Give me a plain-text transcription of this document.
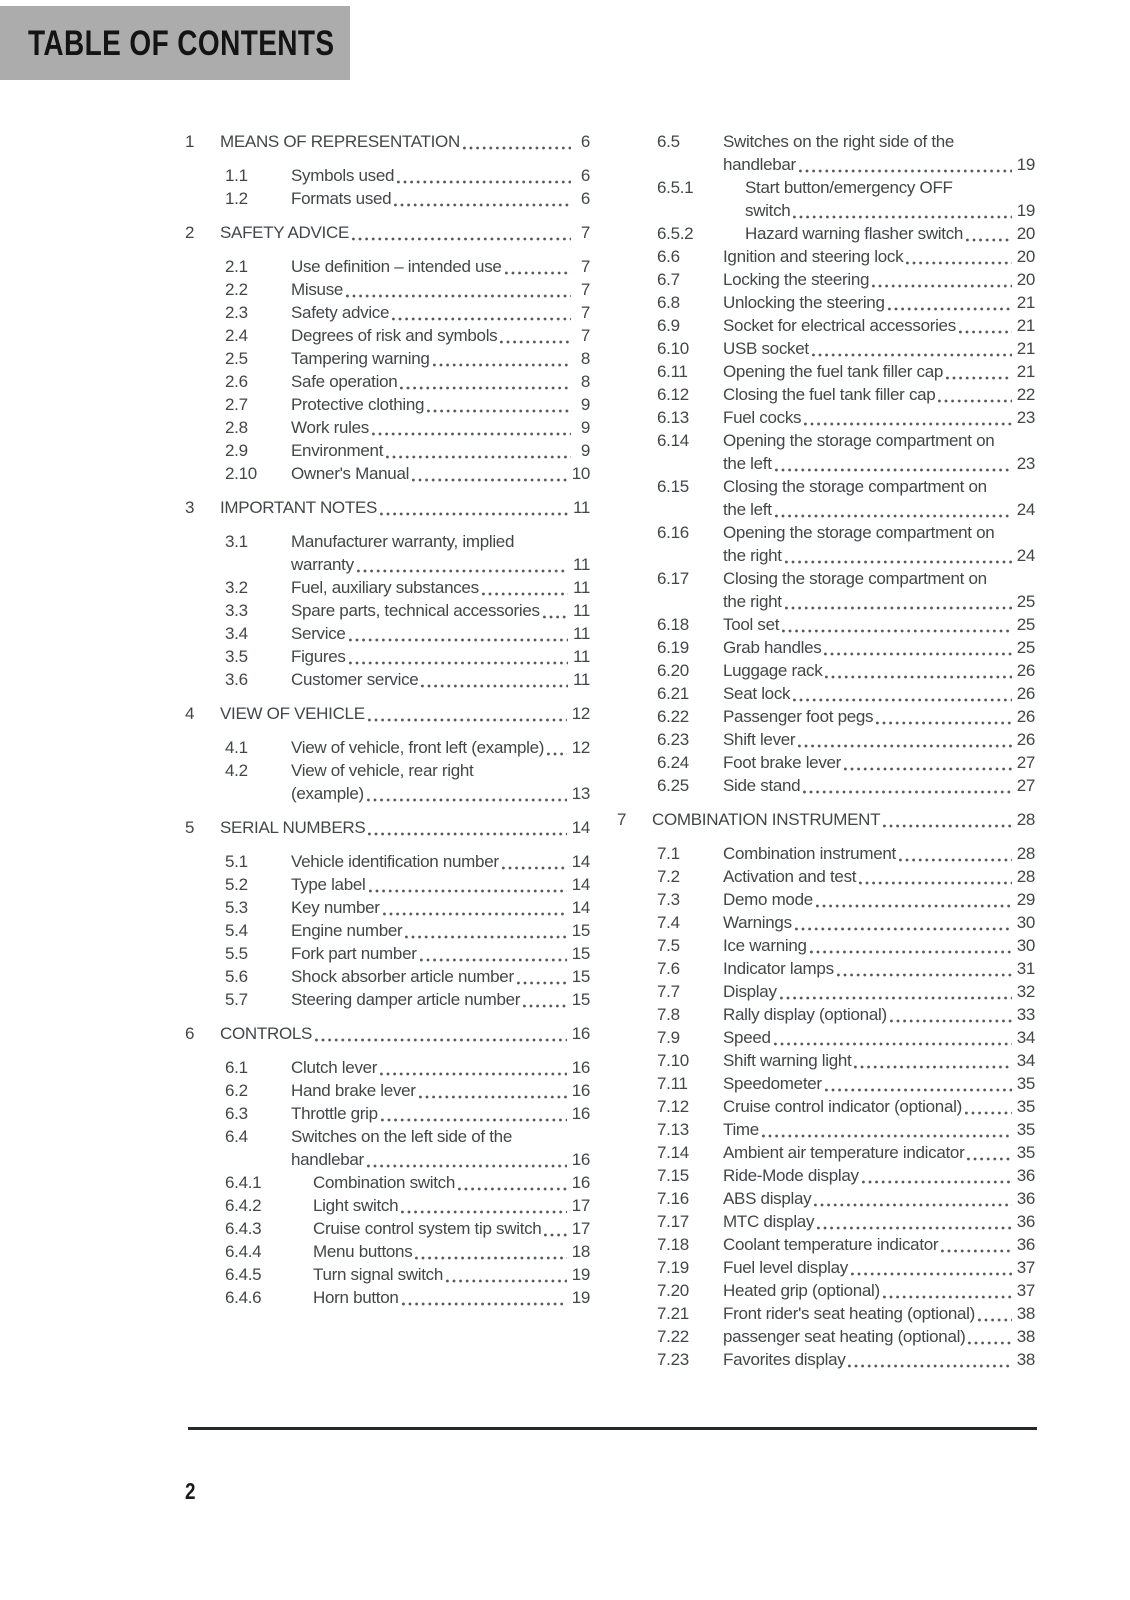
TABLE OF CONTENTS
1	MEANS OF REPRESENTATION	6
1.1	Symbols used	6
1.2	Formats used	6
2	SAFETY ADVICE	7
2.1	Use definition – intended use	7
2.2	Misuse	7
2.3	Safety advice	7
2.4	Degrees of risk and symbols	7
2.5	Tampering warning	8
2.6	Safe operation	8
2.7	Protective clothing	9
2.8	Work rules	9
2.9	Environment	9
2.10	Owner's Manual	10
3	IMPORTANT NOTES	11
3.1	Manufacturer warranty, implied
warranty	11
3.2	Fuel, auxiliary substances	11
3.3	Spare parts, technical accessories 11
3.4	Service	11
3.5	Figures	11
3.6	Customer service	11
4	VIEW OF VEHICLE	12
4.1	View of vehicle, front left (example) 12
4.2	View of vehicle, rear right
(example)	13
5	SERIAL NUMBERS	14
5.1	Vehicle identification number	14
5.2	Type label	14
5.3	Key number	14
5.4	Engine number	15
5.5	Fork part number	15
5.6	Shock absorber article number	15
5.7	Steering damper article number	15
6	CONTROLS	16
6.1	Clutch lever	16
6.2	Hand brake lever	16
6.3	Throttle grip	16
6.4	Switches on the left side of the
handlebar	16
6.4.1	Combination switch	16
6.4.2	Light switch	17
6.4.3	Cruise control system tip switch 17
6.4.4	Menu buttons	18
6.4.5	Turn signal switch	19
6.4.6	Horn button	19
6.5	Switches on the right side of the
handlebar	19
6.5.1	Start button/emergency OFF
switch	19
6.5.2	Hazard warning flasher switch	20
6.6	Ignition and steering lock	20
6.7	Locking the steering	20
6.8	Unlocking the steering	21
6.9	Socket for electrical accessories	21
6.10	USB socket	21
6.11	Opening the fuel tank filler cap	21
6.12	Closing the fuel tank filler cap	22
6.13	Fuel cocks	23
6.14	Opening the storage compartment on
the left	23
6.15	Closing the storage compartment on
the left	24
6.16	Opening the storage compartment on
the right	24
6.17	Closing the storage compartment on
the right	25
6.18	Tool set	25
6.19	Grab handles	25
6.20	Luggage rack	26
6.21	Seat lock	26
6.22	Passenger foot pegs	26
6.23	Shift lever	26
6.24	Foot brake lever	27
6.25	Side stand	27
7	COMBINATION INSTRUMENT	28
7.1	Combination instrument	28
7.2	Activation and test	28
7.3	Demo mode	29
7.4	Warnings	30
7.5	Ice warning	30
7.6	Indicator lamps	31
7.7	Display	32
7.8	Rally display (optional)	33
7.9	Speed	34
7.10	Shift warning light	34
7.11	Speedometer	35
7.12	Cruise control indicator (optional)	35
7.13	Time	35
7.14	Ambient air temperature indicator	35
7.15	Ride-Mode display	36
7.16	ABS display	36
7.17	MTC display	36
7.18	Coolant temperature indicator	36
7.19	Fuel level display	37
7.20	Heated grip (optional)	37
7.21	Front rider's seat heating (optional) 38
7.22	passenger seat heating (optional)	38
7.23	Favorites display	38
2
